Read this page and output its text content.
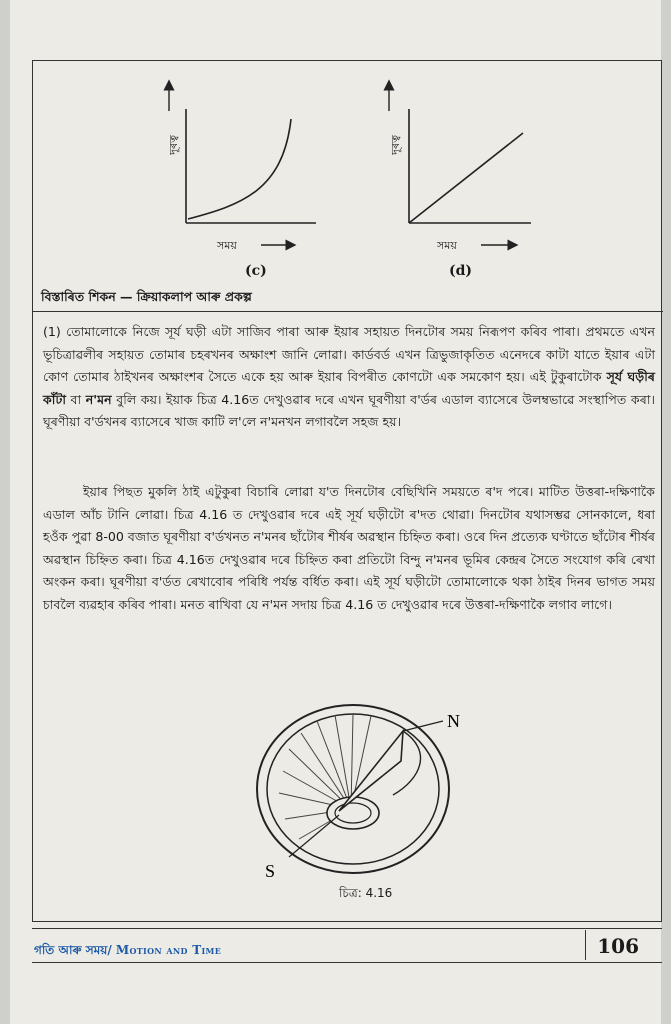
দূৰত্ব
সময়
(c)
দূৰত্ব
সময়
(d)
বিস্তাৰিত শিকন — ক্ৰিয়াকলাপ আৰু প্ৰকল্প
(1) তোমালোকে নিজে সূৰ্য ঘড়ী এটা সাজিব পাৰা আৰু ইয়াৰ সহায়ত দিনটোৰ সময় নিৰূপণ কৰিব পাৰা। প্ৰথমতে এখন ভূচিত্ৰাৱলীৰ সহায়ত তোমাৰ চহৰখনৰ অক্ষাংশ জানি লোৱা। কাৰ্ডবৰ্ড এখন ত্ৰিভুজাকৃতিত এনেদৰে কাটা যাতে ইয়াৰ এটা কোণ তোমাৰ ঠাইখনৰ অক্ষাংশৰ সৈতে একে হয় আৰু ইয়াৰ বিপৰীত কোণটো এক সমকোণ হয়। এই টুকুৰাটোক সূৰ্য ঘড়ীৰ কাঁটা বা ন'মন বুলি কয়। ইয়াক চিত্ৰ 4.16ত দেখুওৱাৰ দৰে এখন ঘূৰণীয়া ব'ৰ্ডৰ এডাল ব্যাসেৰে উলম্বভাৱে সংস্থাপিত কৰা। ঘূৰণীয়া ব'ৰ্ডখনৰ ব্যাসেৰে খাজ কাটি ল'লে ন'মনখন লগাবলৈ সহজ হয়।
ইয়াৰ পিছত মুকলি ঠাই এটুকুৰা বিচাৰি লোৱা য'ত দিনটোৰ বেছিখিনি সময়তে ৰ'দ পৰে। মাটিত উত্তৰা-দক্ষিণাকৈ এডাল আঁচ টানি লোৱা। চিত্ৰ 4.16 ত দেখুওৱাৰ দৰে এই সূৰ্য ঘড়ীটো ৰ'দত থোৱা। দিনটোৰ যথাসম্ভৱ সোনকালে, ধৰা হওঁক পুৱা 8-00 বজাত ঘূৰণীয়া ব'ৰ্ডখনত ন'মনৰ ছাঁটোৰ শীৰ্ষৰ অৱস্থান চিহ্নিত কৰা। ওৰে দিন প্ৰত্যেক ঘণ্টাতে ছাঁটোৰ শীৰ্ষৰ অৱস্থান চিহ্নিত কৰা। চিত্ৰ 4.16ত দেখুওৱাৰ দৰে চিহ্নিত কৰা প্ৰতিটো বিন্দু ন'মনৰ ভূমিৰ কেন্দ্ৰৰ সৈতে সংযোগ কৰি ৰেখা অংকন কৰা। ঘূৰণীয়া ব'ৰ্ডত ৰেখাবোৰ পৰিধি পৰ্যন্ত বৰ্ধিত কৰা। এই সূৰ্য ঘড়ীটো তোমালোকে থকা ঠাইৰ দিনৰ ভাগত সময় চাবলৈ ব্যৱহাৰ কৰিব পাৰা। মনত ৰাখিবা যে ন'মন সদায় চিত্ৰ 4.16 ত দেখুওৱাৰ দৰে উত্তৰা-দক্ষিণাকৈ লগাব লাগে।
N
S
চিত্ৰ: 4.16
গতি আৰু সময়/ Motion and Time	106
